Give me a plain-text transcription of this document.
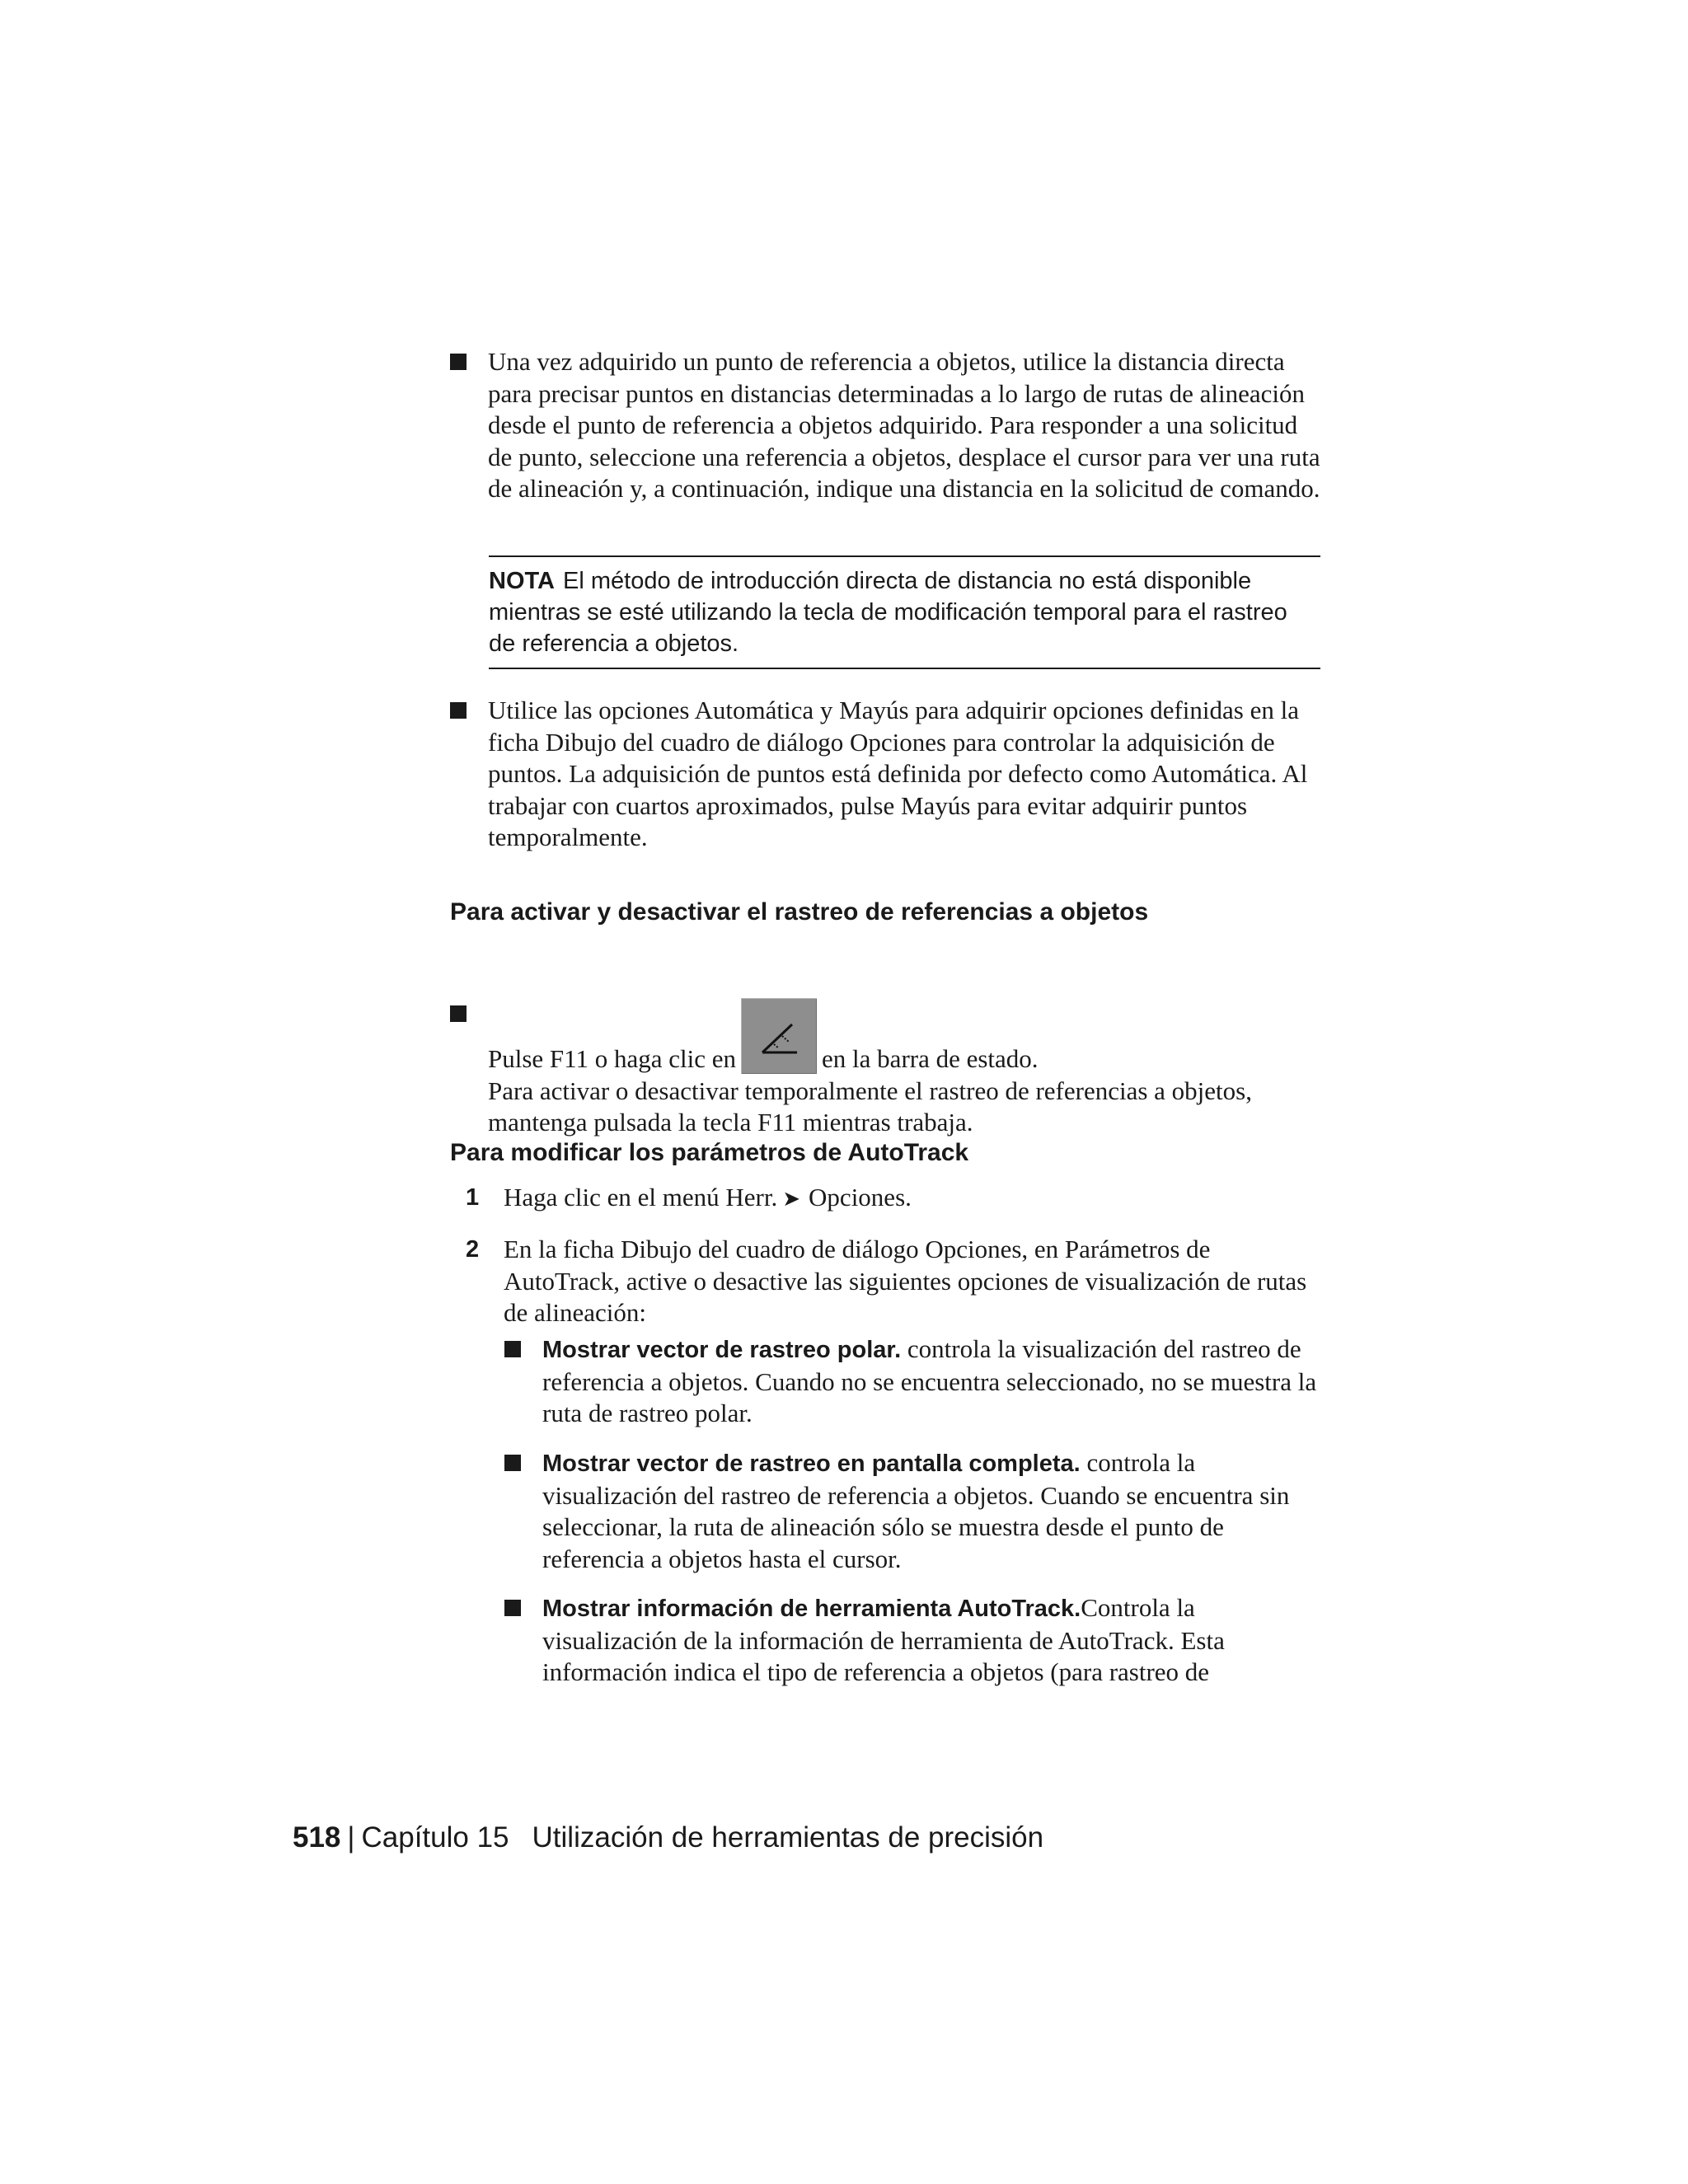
Una vez adquirido un punto de referencia a objetos, utilice la distancia directa para precisar puntos en distancias determinadas a lo largo de rutas de alineación desde el punto de referencia a objetos adquirido. Para responder a una solicitud de punto, seleccione una referencia a objetos, desplace el cursor para ver una ruta de alineación y, a continuación, indique una distancia en la solicitud de comando.
NOTA El método de introducción directa de distancia no está disponible mientras se esté utilizando la tecla de modificación temporal para el rastreo de referencia a objetos.
Utilice las opciones Automática y Mayús para adquirir opciones definidas en la ficha Dibujo del cuadro de diálogo Opciones para controlar la adquisición de puntos. La adquisición de puntos está definida por defecto como Automática. Al trabajar con cuartos aproximados, pulse Mayús para evitar adquirir puntos temporalmente.
Para activar y desactivar el rastreo de referencias a objetos
Pulse F11 o haga clic en	en la barra de estado.
Para activar o desactivar temporalmente el rastreo de referencias a objetos, mantenga pulsada la tecla F11 mientras trabaja.
Para modificar los parámetros de AutoTrack
1 Haga clic en el menú Herr. ➤ Opciones.
2 En la ficha Dibujo del cuadro de diálogo Opciones, en Parámetros de AutoTrack, active o desactive las siguientes opciones de visualización de rutas de alineación:
Mostrar vector de rastreo polar. controla la visualización del rastreo de referencia a objetos. Cuando no se encuentra seleccionado, no se muestra la ruta de rastreo polar.
Mostrar vector de rastreo en pantalla completa. controla la visualización del rastreo de referencia a objetos. Cuando se encuentra sin seleccionar, la ruta de alineación sólo se muestra desde el punto de referencia a objetos hasta el cursor.
Mostrar información de herramienta AutoTrack.Controla la visualización de la información de herramienta de AutoTrack. Esta información indica el tipo de referencia a objetos (para rastreo de
518 | Capítulo 15 Utilización de herramientas de precisión
